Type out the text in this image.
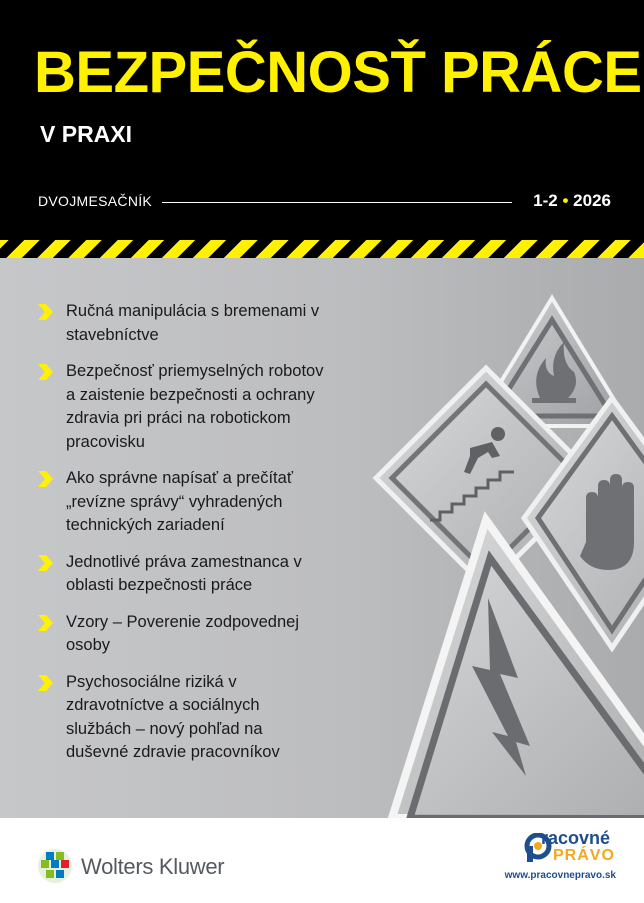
BEZPEČNOSŤ PRÁCE
V PRAXI
DVOJMESAČNÍK	1-2 • 2026
Ručná manipulácia s bremenami v stavebníctve
Bezpečnosť priemyselných robotov a zaistenie bezpečnosti a ochrany zdravia pri práci na robotickom pracovisku
Ako správne napísať a prečítať „revízne správy“ vyhradených technických zariadení
Jednotlivé práva zamestnanca v oblasti bezpečnosti práce
Vzory – Poverenie zodpovednej osoby
Psychosociálne riziká v zdravotníctve a sociálnych službách – nový pohľad na duševné zdravie pracovníkov
Wolters Kluwer
racovné
PRÁVO
www.pracovnepravo.sk
